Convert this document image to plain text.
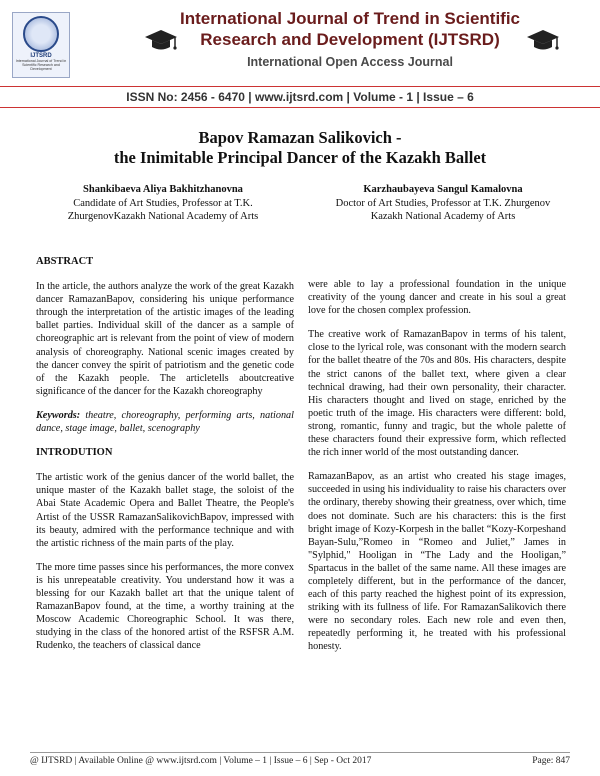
IJTSRD
International Journal of Trend in Scientific Research and Development
International Journal of Trend in Scientific
Research and Development (IJTSRD)
International Open Access Journal
ISSN No: 2456 - 6470 | www.ijtsrd.com | Volume - 1 | Issue – 6
Bapov Ramazan Salikovich -
the Inimitable Principal Dancer of the Kazakh Ballet
Shankibaeva Aliya Bakhitzhanovna
Candidate of Art Studies, Professor at T.K.
ZhurgenovKazakh National Academy of Arts
Karzhaubayeva Sangul Kamalovna
Doctor of Art Studies, Professor at T.K. Zhurgenov
Kazakh National Academy of Arts
ABSTRACT

In the article, the authors analyze the work of the great Kazakh dancer RamazanBapov, considering his unique performance through the interpretation of the artistic images of the leading ballet parties. Individual skill of the dancer as a sample of choreographic art is relevant from the point of view of modern analysis of choreography. National scenic images created by the dancer convey the spirit of patriotism and the genetic code of the Kazakh people. The articletells aboutcreative significance of the dancer for the Kazakh choreography

Keywords: theatre, choreography, performing arts, national dance, stage image, ballet, scenography

INTRODUTION

The artistic work of the genius dancer of the world ballet, the unique master of the Kazakh ballet stage, the soloist of the Abai State Academic Opera and Ballet Theatre, the People's Artist of the USSR RamazanSalikovichBapov, impressed with its beauty, admired with the performance technique and with the artistic richness of the main parts of the play.

The more time passes since his performances, the more convex is his unrepeatable creativity. You understand how it was a blessing for our Kazakh ballet art that the unique talent of RamazanBapov found, at the time, a worthy training at the Moscow Academic Choreographic School. It was there, studying in the class of the honored artist of the RSFSR A.M. Rudenko, the teachers of classical dance

were able to lay a professional foundation in the unique creativity of the young dancer and create in his soul a great love for the chosen complex profession.

The creative work of RamazanBapov in terms of his talent, close to the lyrical role, was consonant with the modern search for the ballet theatre of the 70s and 80s. His characters, despite the strict canons of the ballet text, where given a clear technical drawing, had their own personality, their character. His characters thought and lived on stage, enriched by the poetic truth of the image. His characters were different: bold, strong, romantic, funny and tragic, but the whole palette of these characters found their expressive form, which reflected the rich inner world of the most outstanding dancer.

RamazanBapov, as an artist who created his stage images, succeeded in using his individuality to raise his characters over the ordinary, thereby showing their greatness, over which, time does not dominate. Such are his characters: this is the first bright image of Kozy-Korpesh in the ballet “Kozy-Korpeshand Bayan-Sulu,”Romeo in “Romeo and Juliet,” James in "Sylphid," Hooligan in “The Lady and the Hooligan,” Spartacus in the ballet of the same name. All these images are completely different, but in the performance of the dancer, each of this party reached the highest point of its expression, striking with its fullness of life. For RamazanSalikovich there were no secondary roles. Each new role and even then, repeatedly performing it, he treated with his professional honesty.

@ IJTSRD | Available Online @ www.ijtsrd.com | Volume – 1 | Issue – 6 | Sep - Oct 2017	Page: 847
